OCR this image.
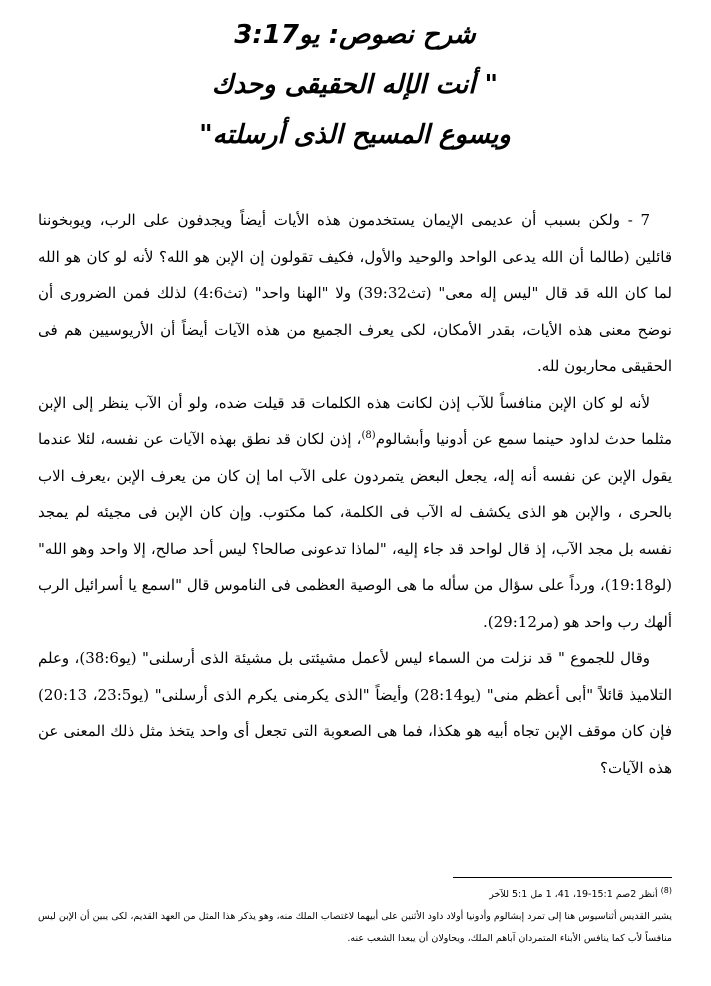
شرح نصوص: يو3:17
" أنت الإله الحقيقى وحدك
ويسوع المسيح الذى أرسلته"

7 - ولكن بسبب أن عديمى الإيمان يستخدمون هذه الأيات أيضاً ويجدفون على الرب، ويوبخوننا قائلين (طالما أن الله يدعى الواحد والوحيد والأول، فكيف تقولون إن الإبن هو الله؟ لأنه لو كان هو الله لما كان الله قد قال "ليس إله معى" (تث39:32) ولا "الهنا واحد" (تث4:6) لذلك فمن الضرورى أن نوضح معنى هذه الأيات، بقدر الأمكان، لكى يعرف الجميع من هذه الآيات أيضاً أن الأريوسيين هم فى الحقيقى محاربون لله.

لأنه لو كان الإبن منافساً للآب إذن لكانت هذه الكلمات قد قيلت ضده، ولو أن الآب ينظر إلى الإبن مثلما حدث لداود حينما سمع عن أدونيا وأبشالوم$^{(8)}$، إذن لكان قد نطق بهذه الآيات عن نفسه، لئلا عندما يقول الإبن عن نفسه أنه إله، يجعل البعض يتمردون على الآب اما إن كان من يعرف الإبن ،يعرف الاب بالحرى ، والإبن هو الذى يكشف له الآب فى الكلمة، كما مكتوب. وإن كان الإبن فى مجيئه لم يمجد نفسه بل مجد الآب، إذ قال لواحد قد جاء إليه، "لماذا تدعونى صالحا؟ ليس أحد صالح، إلا واحد وهو الله" (لو19:18)، ورداً على سؤال من سأله ما هى الوصية العظمى فى الناموس قال "اسمع يا أسرائيل الرب ألهك رب واحد هو (مر29:12).

وقال للجموع " قد نزلت من السماء ليس لأعمل مشيئتى بل مشيئة الذى أرسلنى" (يو38:6)، وعلم التلاميذ قائلاً "أبى أعظم منى" (يو28:14) وأيضاً "الذى يكرمنى يكرم الذى أرسلنى" (يو23:5، 20:13) فإن كان موقف الإبن تجاه أبيه هو هكذا، فما هى الصعوبة التى تجعل أى واحد يتخذ مثل ذلك المعنى عن هذه الآيات؟

$^{(8)}$ أنظر 2صم 15:1-19، 41، 1 مل 5:1 للآخر

يشير القديس أثناسيوس هنا إلى تمرد إبشالوم وأدونيا أولاد داود الأثنين على أبيهما لاغتصاب الملك منه، وهو يذكر هذا المثل من العهد القديم، لكى يبين أن الإبن ليس منافساً لأب كما ينافس الأبناء المتمردان آباهم الملك، ويحاولان أن يبعدا الشعب عنه.
